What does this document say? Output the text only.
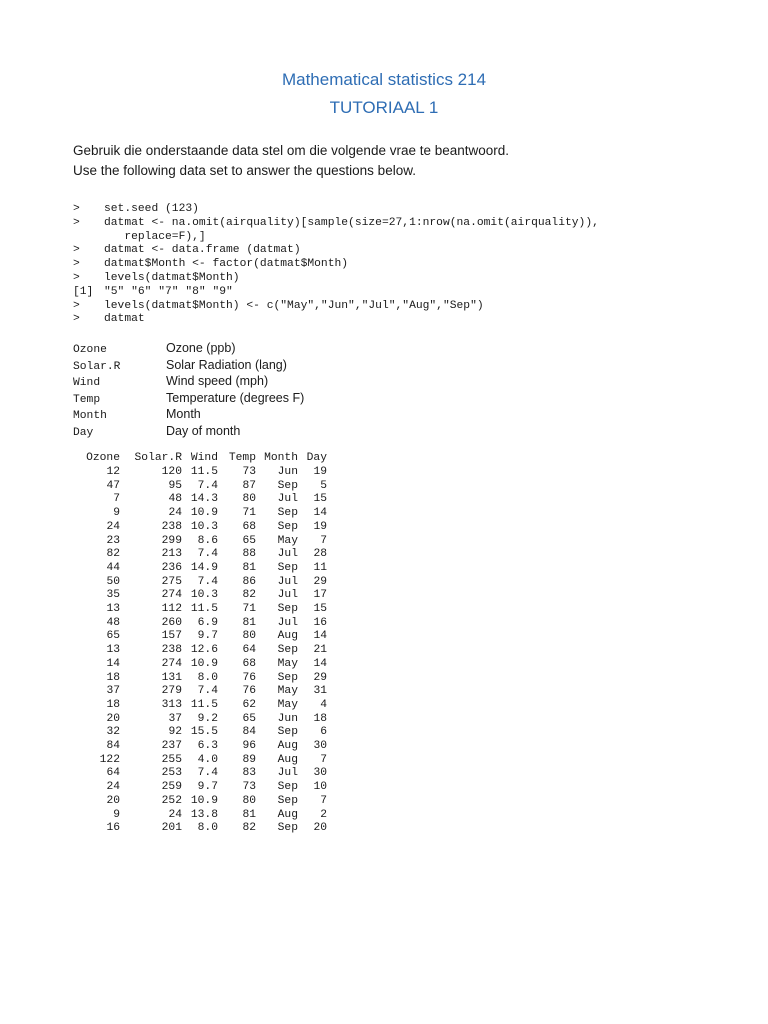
Mathematical statistics 214
TUTORIAAL 1

Gebruik die onderstaande data stel om die volgende vrae te beantwoord.

Use the following data set to answer the questions below.

>	set.seed (123)
>	datmat <- na.omit(airquality)[sample(size=27,1:nrow(na.omit(airquality)),
replace=F),]
>	datmat <- data.frame (datmat)
>	datmat$Month <- factor(datmat$Month)
>	levels(datmat$Month)
[1] "5" "6" "7" "8" "9"
>	levels(datmat$Month) <- c("May","Jun","Jul","Aug","Sep")
>	datmat
Ozone	Ozone (ppb)
Solar.R	Solar Radiation (lang)
Wind	Wind speed (mph)
Temp	Temperature (degrees F)
Month	Month
Day	Day of month
Ozone	Solar.R	Wind	Temp	Month	Day
12	120	11.5	73	Jun	19
47	95	7.4	87	Sep	5
7	48	14.3	80	Jul	15
9	24	10.9	71	Sep	14
24	238	10.3	68	Sep	19
23	299	8.6	65	May	7
82	213	7.4	88	Jul	28
44	236	14.9	81	Sep	11
50	275	7.4	86	Jul	29
35	274	10.3	82	Jul	17
13	112	11.5	71	Sep	15
48	260	6.9	81	Jul	16
65	157	9.7	80	Aug	14
13	238	12.6	64	Sep	21
14	274	10.9	68	May	14
18	131	8.0	76	Sep	29
37	279	7.4	76	May	31
18	313	11.5	62	May	4
20	37	9.2	65	Jun	18
32	92	15.5	84	Sep	6
84	237	6.3	96	Aug	30
122	255	4.0	89	Aug	7
64	253	7.4	83	Jul	30
24	259	9.7	73	Sep	10
20	252	10.9	80	Sep	7
9	24	13.8	81	Aug	2
16	201	8.0	82	Sep	20
